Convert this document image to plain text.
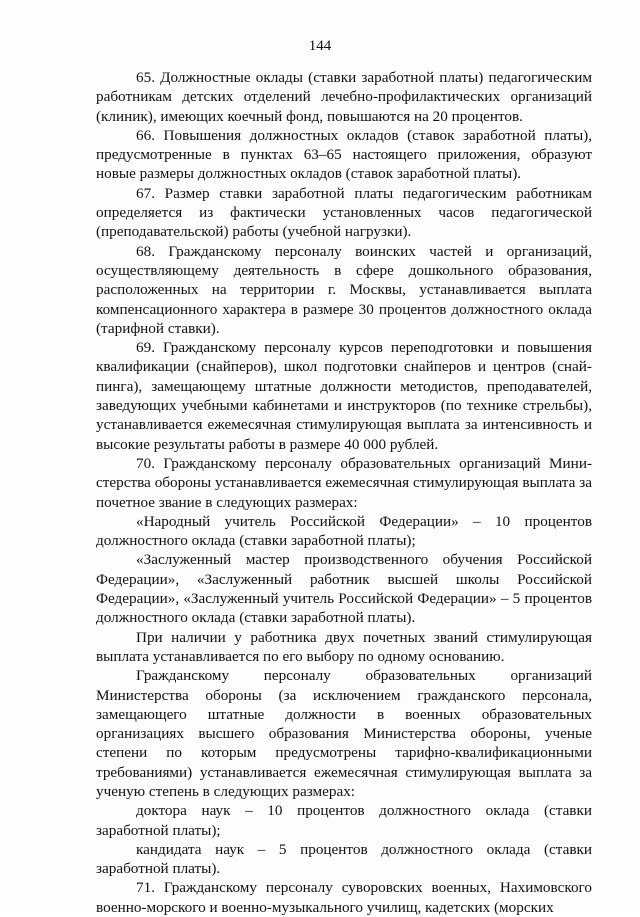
144

65. Должностные оклады (ставки заработной платы) педагогическим работникам детских отделений лечебно-профилактических организаций (клиник), имеющих коечный фонд, повышаются на 20 процентов.

66. Повышения должностных окладов (ставок заработной платы), предусмотренные в пунктах 63–65 настоящего приложения, образуют новые размеры должностных окладов (ставок заработной платы).

67. Размер ставки заработной платы педагогическим работникам определяется из фактически установленных часов педагогической (преподавательской) работы (учебной нагрузки).

68. Гражданскому персоналу воинских частей и организаций, осуществляющему деятельность в сфере дошкольного образования, расположенных на территории г. Москвы, устанавливается выплата компенсационного характера в размере 30 процентов должностного оклада (тарифной ставки).

69. Гражданскому персоналу курсов переподготовки и повышения квалификации (снайперов), школ подготовки снайперов и центров (снай-пинга), замещающему штатные должности методистов, преподавателей, заведующих учебными кабинетами и инструкторов (по технике стрельбы), устанавливается ежемесячная стимулирующая выплата за интенсивность и высокие результаты работы в размере 40 000 рублей.

70. Гражданскому персоналу образовательных организаций Мини-стерства обороны устанавливается ежемесячная стимулирующая выплата за почетное звание в следующих размерах:

«Народный учитель Российской Федерации» – 10 процентов должностного оклада (ставки заработной платы);

«Заслуженный мастер производственного обучения Российской Федерации», «Заслуженный работник высшей школы Российской Федерации», «Заслуженный учитель Российской Федерации» – 5 процентов должностного оклада (ставки заработной платы).

При наличии у работника двух почетных званий стимулирующая выплата устанавливается по его выбору по одному основанию.

Гражданскому персоналу образовательных организаций Министерства обороны (за исключением гражданского персонала, замещающего штатные должности в военных образовательных организациях высшего образования Министерства обороны, ученые степени по которым предусмотрены тарифно-квалификационными требованиями) устанавливается ежемесячная стимулирующая выплата за ученую степень в следующих размерах:

доктора наук – 10 процентов должностного оклада (ставки заработной платы);

кандидата наук – 5 процентов должностного оклада (ставки заработной платы).

71. Гражданскому персоналу суворовских военных, Нахимовского военно-морского и военно-музыкального училищ, кадетских (морских
